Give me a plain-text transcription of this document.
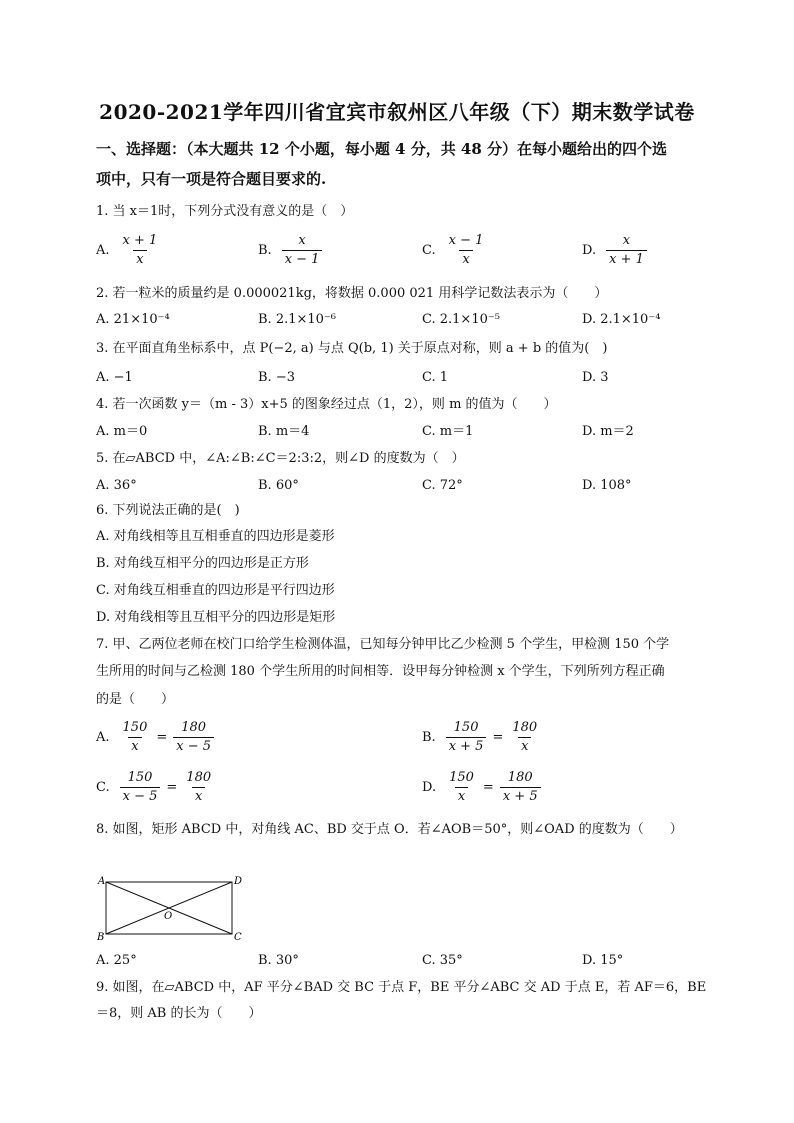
2020-2021学年四川省宜宾市叙州区八年级（下）期末数学试卷
一、选择题：（本大题共 12 个小题，每小题 4 分，共 48 分）在每小题给出的四个选
项中，只有一项是符合题目要求的.
1. 当 x＝1时，下列分式没有意义的是（　）
A. $\frac{x + 1}{x}$	B. $\frac{x}{x - 1}$	C. $\frac{x - 1}{x}$	D. $\frac{x}{x + 1}$
2. 若一粒米的质量约是 0.000021kg，将数据 0.000 021 用科学记数法表示为（　　）
A. 21×10⁻⁴	B. 2.1×10⁻⁶	C. 2.1×10⁻⁵	D. 2.1×10⁻⁴
3. 在平面直角坐标系中，点 P(−2, a) 与点 Q(b, 1) 关于原点对称，则 a + b 的值为(　)
A. −1	B. −3	C. 1	D. 3
4. 若一次函数 y＝（m - 3）x+5 的图象经过点（1，2），则 m 的值为（　　）
A. m＝0	B. m＝4	C. m＝1	D. m＝2
5. 在▱ABCD 中，∠A:∠B:∠C＝2:3:2，则∠D 的度数为（　）
A. 36°	B. 60°	C. 72°	D. 108°
6. 下列说法正确的是(　)
A. 对角线相等且互相垂直的四边形是菱形
B. 对角线互相平分的四边形是正方形
C. 对角线互相垂直的四边形是平行四边形
D. 对角线相等且互相平分的四边形是矩形
7. 甲、乙两位老师在校门口给学生检测体温，已知每分钟甲比乙少检测 5 个学生，甲检测 150 个学
生所用的时间与乙检测 180 个学生所用的时间相等．设甲每分钟检测 x 个学生，下列所列方程正确
的是（　　）
A. $\frac{150}{x} = \frac{180}{x - 5}$	B. $\frac{150}{x + 5} = \frac{180}{x}$
C. $\frac{150}{x - 5} = \frac{180}{x}$	D. $\frac{150}{x} = \frac{180}{x + 5}$
8. 如图，矩形 ABCD 中，对角线 AC、BD 交于点 O．若∠AOB＝50°，则∠OAD 的度数为（　　）
A
B	C
D
O
A. 25°	B. 30°	C. 35°	D. 15°
9. 如图，在▱ABCD 中，AF 平分∠BAD 交 BC 于点 F，BE 平分∠ABC 交 AD 于点 E，若 AF＝6，BE
＝8，则 AB 的长为（　　）
